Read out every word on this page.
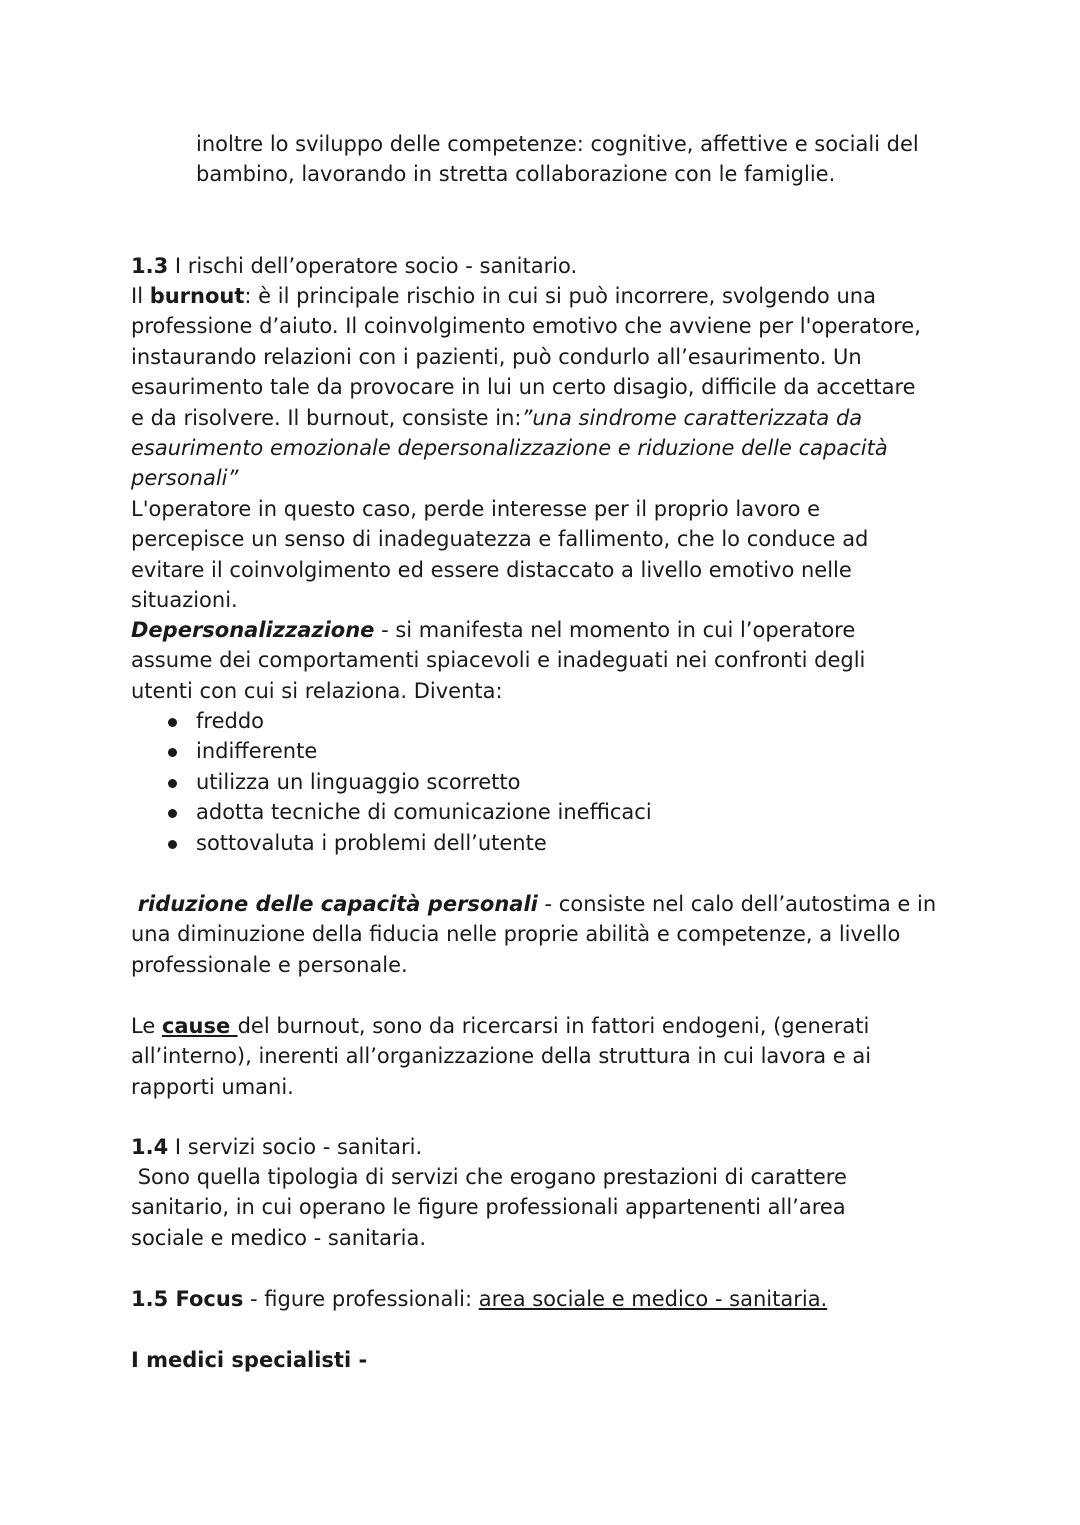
inoltre lo sviluppo delle competenze: cognitive, affettive e sociali del
bambino, lavorando in stretta collaborazione con le famiglie.
1.3 I rischi dell’operatore socio - sanitario.
Il burnout: è il principale rischio in cui si può incorrere, svolgendo una professione d’aiuto. Il coinvolgimento emotivo che avviene per l'operatore, instaurando relazioni con i pazienti, può condurlo all’esaurimento. Un esaurimento tale da provocare in lui un certo disagio, difficile da accettare e da risolvere. Il burnout, consiste in:”una sindrome caratterizzata da esaurimento emozionale depersonalizzazione e riduzione delle capacità personali”
L'operatore in questo caso, perde interesse per il proprio lavoro e percepisce un senso di inadeguatezza e fallimento, che lo conduce ad evitare il coinvolgimento ed essere distaccato a livello emotivo nelle situazioni.
Depersonalizzazione - si manifesta nel momento in cui l’operatore assume dei comportamenti spiacevoli e inadeguati nei confronti degli utenti con cui si relaziona. Diventa:
freddo
indifferente
utilizza un linguaggio scorretto
adotta tecniche di comunicazione inefficaci
sottovaluta i problemi dell’utente
riduzione delle capacità personali - consiste nel calo dell’autostima e in una diminuzione della fiducia nelle proprie abilità e competenze, a livello professionale e personale.
Le cause del burnout, sono da ricercarsi in fattori endogeni, (generati all’interno), inerenti all’organizzazione della struttura in cui lavora e ai rapporti umani.
1.4 I servizi socio - sanitari.
Sono quella tipologia di servizi che erogano prestazioni di carattere sanitario, in cui operano le figure professionali appartenenti all’area sociale e medico - sanitaria.
1.5 Focus - figure professionali: area sociale e medico - sanitaria.
I medici specialisti -
